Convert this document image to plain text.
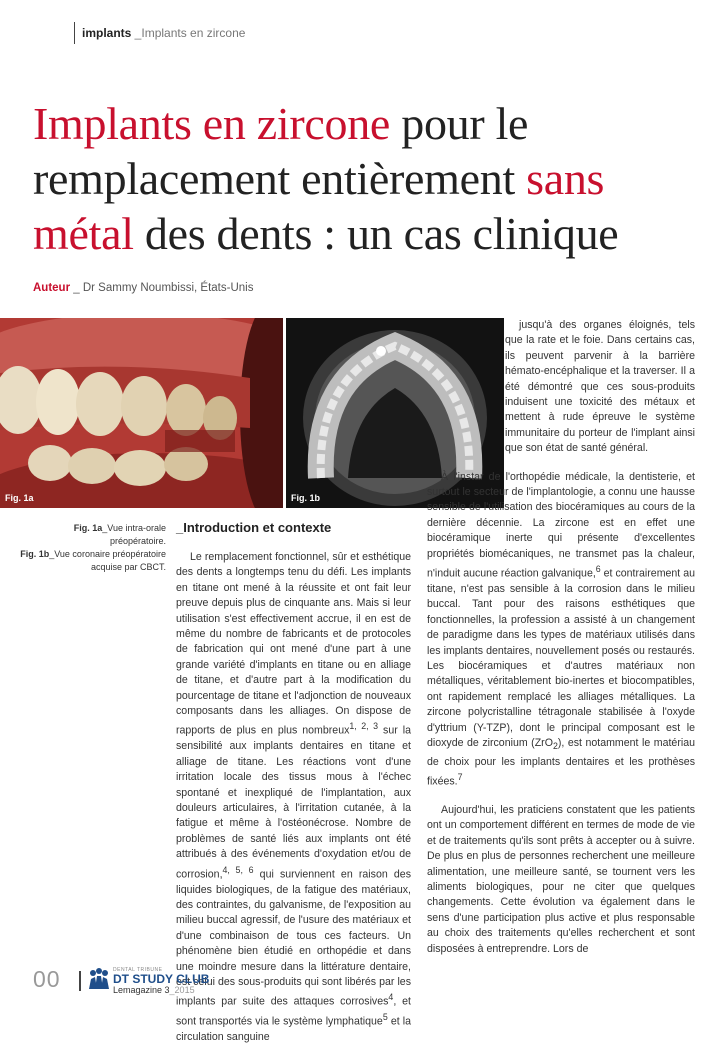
implants _Implants en zircone
Implants en zircone pour le remplacement entièrement sans métal des dents : un cas clinique
Auteur _ Dr Sammy Noumbissi, États-Unis
Fig. 1a	Fig. 1b
Fig. 1a_Vue intra-orale préopératoire.
Fig. 1b_Vue coronaire préopératoire acquise par CBCT.
_Introduction et contexte

Le remplacement fonctionnel, sûr et esthétique des dents a longtemps tenu du défi. Les implants en titane ont mené à la réussite et ont fait leur preuve depuis plus de cinquante ans. Mais si leur utilisation s'est effectivement accrue, il en est de même du nombre de fabricants et de protocoles de fabrication qui ont mené d'une part à une grande variété d'implants en titane ou en alliage de titane, et d'autre part à la modification du pourcentage de titane et l'adjonction de nouveaux composants dans les alliages. On dispose de rapports de plus en plus nombreux$^{1, 2, 3}$ sur la sensibilité aux implants dentaires en titane et alliage de titane. Les réactions vont d'une irritation locale des tissus mous à l'échec spontané et inexpliqué de l'implantation, aux douleurs articulaires, à l'irritation cutanée, à la fatigue et même à l'ostéonécrose. Nombre de problèmes de santé liés aux implants ont été attribués à des événements d'oxydation et/ou de corrosion,$^{4, 5, 6}$ qui surviennent en raison des liquides biologiques, de la fatigue des matériaux, des contraintes, du galvanisme, de l'exposition au milieu buccal agressif, de l'usure des matériaux et d'une combinaison de tous ces facteurs. Un phénomène bien étudié en orthopédie et dans une moindre mesure dans la littérature dentaire, est celui des sous-produits qui sont libérés par les implants par suite des attaques corrosives$^4$, et sont transportés via le système lymphatique$^5$ et la circulation sanguine

jusqu'à des organes éloignés, tels que la rate et le foie. Dans certains cas, ils peuvent parvenir à la barrière hémato-encéphalique et la traverser. Il a été démontré que ces sous-produits induisent une toxicité des métaux et mettent à rude épreuve le système immunitaire du porteur de l'implant ainsi que son état de santé général.

À l'instar de l'orthopédie médicale, la dentisterie, et surtout le secteur de l'implantologie, a connu une hausse sensible de l'utilisation des biocéramiques au cours de la dernière décennie. La zircone est en effet une biocéramique inerte qui présente d'excellentes propriétés biomécaniques, ne transmet pas la chaleur, n'induit aucune réaction galvanique,$^6$ et contrairement au titane, n'est pas sensible à la corrosion dans le milieu buccal. Tant pour des raisons esthétiques que fonctionnelles, la profession a assisté à un changement de paradigme dans les types de matériaux utilisés dans les implants dentaires, nouvellement posés ou restaurés. Les biocéramiques et d'autres matériaux non métalliques, véritablement bio-inertes et biocompatibles, ont rapidement remplacé les alliages métalliques. La zircone polycristalline tétragonale stabilisée à l'oxyde d'yttrium (Y-TZP), dont le principal composant est le dioxyde de zirconium (ZrO$_2$), est notamment le matériau de choix pour les implants dentaires et les prothèses fixées.$^7$

Aujourd'hui, les praticiens constatent que les patients ont un comportement différent en termes de mode de vie et de traitements qu'ils sont prêts à accepter ou à suivre. De plus en plus de personnes recherchent une meilleure alimentation, une meilleure santé, se tournent vers les aliments biologiques, pour ne citer que quelques changements. Cette évolution va également dans le sens d'une participation plus active et plus responsable au choix des traitements qu'elles recherchent et sont disposées à entreprendre. Lors de

00	DENTAL TRIBUNE
DT STUDY CLUB
Lemagazine 3_2015
